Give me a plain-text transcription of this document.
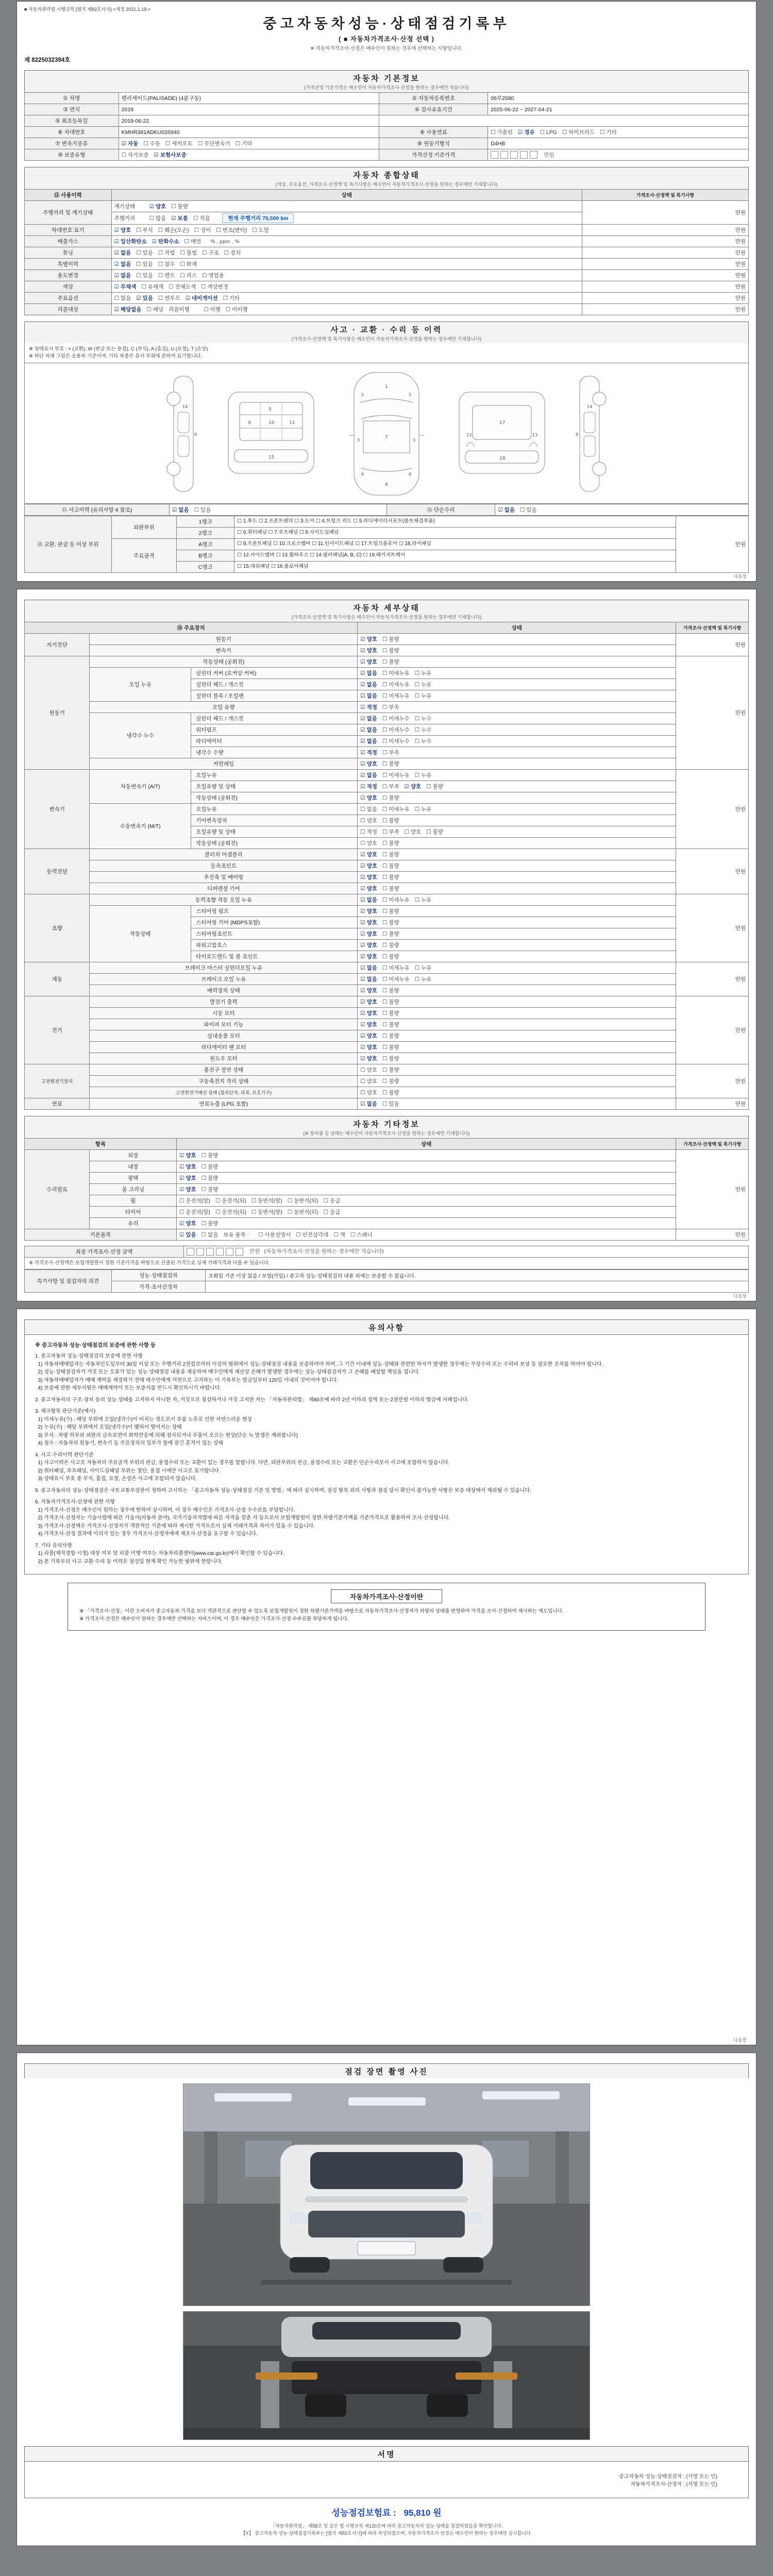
■ 자동차관리법 시행규칙 [별지 제82호서식] <개정 2021.1.19.>
중고자동차성능·상태점검기록부
( ■ 자동차가격조사·산정 선택 )
※ 자동차가격조사·산정은 매수인이 원하는 경우에 선택하는 사항입니다.
제 8225032394호
자동차 기본정보
(가격산정 기준가격은 매수인이 자동차가격조사·산정을 원하는 경우에만 적습니다)
① 차명	펠리세이드(PALISADE) (4륜구동)	② 자동차등록번호	06루2580
③ 연식	2019	④ 검사유효기간	2025-06-22 ~ 2027-04-21
⑤ 최초등록일	2019-06-22		
⑥ 차대번호	KMHR381ADKU026940	⑧ 사용연료	☐ 가솔린 ☑ 경유 ☐ LPG ☐ 하이브리드 ☐ 기타
⑦ 변속기종류	☑ 자동 ☐ 수동 ☐ 세미오토 ☐ 무단변속기 ☐ 기타	⑨ 원동기형식	D4HB
⑩ 보증유형	☐ 자가보증 ☑ 보험사보증	가격산정 기준가격	만원
자동차 종합상태
(색상, 주요옵션, 가격조사·산정액 및 특기사항은 매수인이 자동차가격조사·산정을 원하는 경우에만 기재합니다)
⑪ 사용이력	상태	가격조사·산정액 및 특기사항
주행거리 및 계기상태	계기상태 ☑ 양호 ☐ 불량	만원
	주행거리 ☐ 많음 ☑ 보통 ☐ 적음 현재 주행거리 75,500 km	
차대번호 표기	☑ 양호 ☐ 부식 ☐ 훼손(오손) ☐ 상이 ☐ 변조(변타) ☐ 도말	만원
배출가스	☑ 일산화탄소 ☑ 탄화수소 ☐ 매연 % , ppm , %	만원
튜닝	☑ 없음 ☐ 있음 ☐ 적법 ☐ 불법 ☐ 구조 ☐ 장치	만원
특별이력	☑ 없음 ☐ 있음 ☐ 침수 ☐ 화재	만원
용도변경	☑ 없음 ☐ 있음 ☐ 렌트 ☐ 리스 ☐ 영업용	만원
색상	☑ 무채색 ☐ 유채색 ☐ 전체도색 ☐ 색상변경	만원
주요옵션	☐ 없음 ☑ 있음 ☐ 썬루프 ☑ 네비게이션 ☐ 기타	만원
리콜대상	☑ 해당없음 ☐ 해당 리콜이행 ☐ 이행 ☐ 미이행	만원
사고 · 교환 · 수리 등 이력
(가격조사·산정액 및 특기사항은 매수인이 자동차가격조사·산정을 원하는 경우에만 기재합니다)
※ 상태표시 부호 : × (교환), W (판금 또는 용접), C (부식), A (흠집), U (요철), T (손상)
※ 하단 차체 그림은 승용차 기준이며, 기타 차종은 유사 부위에 준하여 표기합니다.
14
8
5
9	10	11
15
1
2	2
7
3	3
6	6
4
17
18
13	13
14
8
⑪ 사고이력 (유의사항 4 참조)	☑ 없음 ☐ 있음	⑫ 단순수리	☑ 없음 ☐ 있음
⑬ 교환, 판금 등 이상 부위	외판부위	1랭크	☐ 1.후드 ☐ 2.프론트펜더 ☐ 3.도어 ☐ 4.트렁크 리드 ☐ 5.라디에이터서포트(볼트체결부품)	만원
		2랭크	☐ 6.쿼터패널 ☐ 7.루프패널 ☐ 8.사이드실패널	
	주요골격	A랭크	☐ 9.프론트패널 ☐ 10.크로스멤버 ☐ 11.인사이드패널 ☐ 17.트렁크플로어 ☐ 18.리어패널	
		B랭크	☐ 12.사이드멤버 ☐ 13.휠하우스 ☐ 14.필러패널(A, B, C) ☐ 19.패키지트레이	
		C랭크	☐ 15.대쉬패널 ☐ 16.플로어패널	
다음장
자동차 세부상태
(가격조사·산정액 및 특기사항은 매수인이 자동차가격조사·산정을 원하는 경우에만 기재합니다)
⑭ 주요장치			상태	가격조사·산정액 및 특기사항
자기진단	원동기		☑ 양호 ☐ 불량	만원
	변속기		☑ 양호 ☐ 불량	
원동기	작동상태 (공회전)		☑ 양호 ☐ 불량	만원
	오일 누유	실린더 커버 (로커암 커버)	☑ 없음 ☐ 미세누유 ☐ 누유	
		실린더 헤드 / 개스킷	☑ 없음 ☐ 미세누유 ☐ 누유	
		실린더 블록 / 오일팬	☑ 없음 ☐ 미세누유 ☐ 누유	
	오일 유량		☑ 적정 ☐ 부족	
	냉각수 누수	실린더 헤드 / 개스킷	☑ 없음 ☐ 미세누수 ☐ 누수	
		워터펌프	☑ 없음 ☐ 미세누수 ☐ 누수	
		라디에이터	☑ 없음 ☐ 미세누수 ☐ 누수	
		냉각수 수량	☑ 적정 ☐ 부족	
	커먼레일		☑ 양호 ☐ 불량	
변속기	자동변속기 (A/T)	오일누유	☑ 없음 ☐ 미세누유 ☐ 누유	만원
		오일유량 및 상태	☑ 적정 ☐ 부족 ☑ 양호 ☐ 불량	
		작동상태 (공회전)	☑ 양호 ☐ 불량	
	수동변속기 (M/T)	오일누유	☐ 없음 ☐ 미세누유 ☐ 누유	
		기어변속장치	☐ 양호 ☐ 불량	
		오일유량 및 상태	☐ 적정 ☐ 부족 ☐ 양호 ☐ 불량	
		작동상태 (공회전)	☐ 양호 ☐ 불량	
동력전달	클러치 어셈블리		☑ 양호 ☐ 불량	만원
	등속조인트		☑ 양호 ☐ 불량	
	추진축 및 베어링		☑ 양호 ☐ 불량	
	디퍼렌셜 기어		☑ 양호 ☐ 불량	
조향	동력조향 작동 오일 누유		☑ 없음 ☐ 미세누유 ☐ 누유	만원
	작동상태	스티어링 펌프	☑ 양호 ☐ 불량	
		스티어링 기어 (MDPS포함)	☑ 양호 ☐ 불량	
		스티어링조인트	☑ 양호 ☐ 불량	
		파워고압호스	☑ 양호 ☐ 불량	
		타이로드엔드 및 볼 조인트	☑ 양호 ☐ 불량	
제동	브레이크 마스터 실린더오일 누유		☑ 없음 ☐ 미세누유 ☐ 누유	만원
	브레이크 오일 누유		☑ 없음 ☐ 미세누유 ☐ 누유	
	배력장치 상태		☑ 양호 ☐ 불량	
전기	발전기 출력		☑ 양호 ☐ 불량	만원
	시동 모터		☑ 양호 ☐ 불량	
	와이퍼 모터 기능		☑ 양호 ☐ 불량	
	실내송풍 모터		☑ 양호 ☐ 불량	
	라디에이터 팬 모터		☑ 양호 ☐ 불량	
	윈도우 모터		☑ 양호 ☐ 불량	
고전원전기장치	충전구 절연 상태		☐ 양호 ☐ 불량	만원
	구동축전지 격리 상태		☐ 양호 ☐ 불량	
	고전원전기배선 상태 (접속단자, 피복, 보호기구)		☐ 양호 ☐ 불량	
연료	연료누출 (LPG 포함)		☑ 없음 ☐ 있음	만원
자동차 기타정보
(※ 장비품 등 상태는 매수인이 자동차가격조사·산정을 원하는 경우에만 기재합니다)
항목		상태	가격조사·산정액 및 특기사항
수리필요	외장	☑ 양호 ☐ 불량	만원
	내장	☑ 양호 ☐ 불량	
	광택	☑ 양호 ☐ 불량	
	룸 크리닝	☑ 양호 ☐ 불량	
	휠	☐ 운전석(앞) ☐ 운전석(뒤) ☐ 동반석(앞) ☐ 동반석(뒤) ☐ 응급	
	타이어	☐ 운전석(앞) ☐ 운전석(뒤) ☐ 동반석(앞) ☐ 동반석(뒤) ☐ 응급	
	유리	☑ 양호 ☐ 불량	
기본품목		☑ 있음 ☐ 없음 보유 품목 : ☐ 사용설명서 ☐ 안전삼각대 ☐ 잭 ☐ 스패너	만원
최종 가격조사·산정 금액	만원 (자동차가격조사·산정을 원하는 경우에만 적습니다)
※ 가격조사·산정액은 보험개발원이 정한 기준가격을 바탕으로 산출된 가격으로 실제 거래가격과 다를 수 있습니다.
특기사항 및 점검자의 의견	성능·상태점검자	조회일 기준 이상 없음 / 보험(가입) / 중고차 성능·상태점검의 내용 외에는 보증할 수 없습니다.
	가격·조사산정자	
다음장
유의사항
※ 중고자동차 성능·상태점검의 보증에 관한 사항 등
1. 중고자동차 성능·상태점검의 보증에 관한 사항
1) 자동차매매업자는 자동차인도일부터 30일 이상 또는 주행거리 2천킬로미터 이상의 범위에서 성능·상태점검 내용을 보증하여야 하며, 그 기간 이내에 성능·상태와 관련한 하자가 발생한 경우에는 무상수리 또는 수리비 보상 등 필요한 조치를 하여야 합니다.
2) 성능·상태점검자가 거짓 또는 오류가 있는 성능·상태점검 내용을 제공하여 매수인에게 재산상 손해가 발생한 경우에는 성능·상태점검자가 그 손해를 배상할 책임을 집니다.
3) 자동차매매업자가 매매 계약을 체결하기 전에 매수인에게 서면으로 고지하는 이 기록부는 발급일부터 120일 이내의 것이어야 합니다.
4) 보증에 관한 세부사항은 매매계약서 또는 보증서를 반드시 확인하시기 바랍니다.
2. 중고자동차의 구조·장치 등의 성능·상태를 고지하지 아니한 자, 거짓으로 점검하거나 거짓 고지한 자는 「자동차관리법」 제80조에 따라 2년 이하의 징역 또는 2천만원 이하의 벌금에 처해집니다.
3. 체크항목 판단기준(예시)
1) 미세누유(수) : 해당 부위에 오일(냉각수)이 비치는 정도로서 부품 노후로 인한 자연스러운 현상
2) 누유(수) : 해당 부위에서 오일(냉각수)이 맺혀서 떨어지는 상태
3) 부식 : 차량 하부와 외판의 금속표면이 화학반응에 의해 점식되거나 부풀어 오르는 현상(단순 녹 발생은 제외합니다)
4) 침수 : 자동차의 원동기, 변속기 등 주요장치의 일부가 물에 잠긴 흔적이 있는 상태
4. 사고·수리이력 판단기준
1) 사고이력은 사고로 자동차의 주요골격 부위의 판금, 용접수리 또는 교환이 있는 경우를 말합니다. 다만, 외판부위의 판금, 용접수리 또는 교환은 단순수리로서 사고에 포함하지 않습니다.
2) 쿼터패널, 루프패널, 사이드실패널 부위는 절단, 용접 시에만 사고로 표기합니다.
3) 상태표시 부호 중 부식, 흠집, 요철, 손상은 사고에 포함되지 않습니다.
5. 중고자동차의 성능·상태점검은 국토교통부장관이 정하여 고시하는 「중고자동차 성능·상태점검 기준 및 방법」에 따라 실시하며, 점검 항목 외의 사항과 점검 당시 확인이 불가능한 사항은 보증 대상에서 제외될 수 있습니다.
6. 자동차가격조사·산정에 관한 사항
1) 가격조사·산정은 매수인이 원하는 경우에 한하여 실시하며, 이 경우 매수인은 가격조사·산정 수수료를 부담합니다.
2) 가격조사·산정자는 기술사법에 따른 기술사(자동차 분야), 국가기술자격법에 따른 자격을 갖춘 자 등으로서 보험개발원이 정한 차량기준가액을 기준가격으로 활용하여 조사·산정합니다.
3) 가격조사·산정액은 가격조사·산정자가 객관적인 기준에 따라 제시한 가격으로서 실제 거래가격과 차이가 있을 수 있습니다.
4) 가격조사·산정 결과에 이의가 있는 경우 가격조사·산정자에게 재조사·산정을 요구할 수 있습니다.
7. 기타 유의사항
1) 리콜(제작결함 시정) 대상 여부 및 리콜 이행 여부는 자동차리콜센터(www.car.go.kr)에서 확인할 수 있습니다.
2) 본 기록부의 사고·교환·수리 등 이력은 점검일 현재 확인 가능한 범위에 한합니다.
자동차가격조사·산정이란
※ 「가격조사·산정」이란 소비자가 중고자동차 가격을 보다 객관적으로 판단할 수 있도록 보험개발원이 정한 차량기준가액을 바탕으로 자동차가격조사·산정자가 차량의 상태를 반영하여 가격을 조사·산정하여 제시하는 제도입니다.
※ 가격조사·산정은 매수인이 원하는 경우에만 선택하는 서비스이며, 이 경우 매수인은 가격조사·산정 수수료를 부담하게 됩니다.
다음장
점검 장면 촬영 사진
서명
중고자동차 성능·상태점검자 : (서명 또는 인)
자동차가격조사·산정자 : (서명 또는 인)
성능점검보험료 : 95,810 원
「자동차관리법」 제58조 및 같은 법 시행규칙 제120조에 따라 중고자동차의 성능·상태를 점검하였음을 확인합니다.
【Y】 중고자동차 성능·상태점검기록부는 [별지 제82호서식]에 따라 작성되었으며, 자동차가격조사·산정은 매수인이 원하는 경우에만 실시합니다.
